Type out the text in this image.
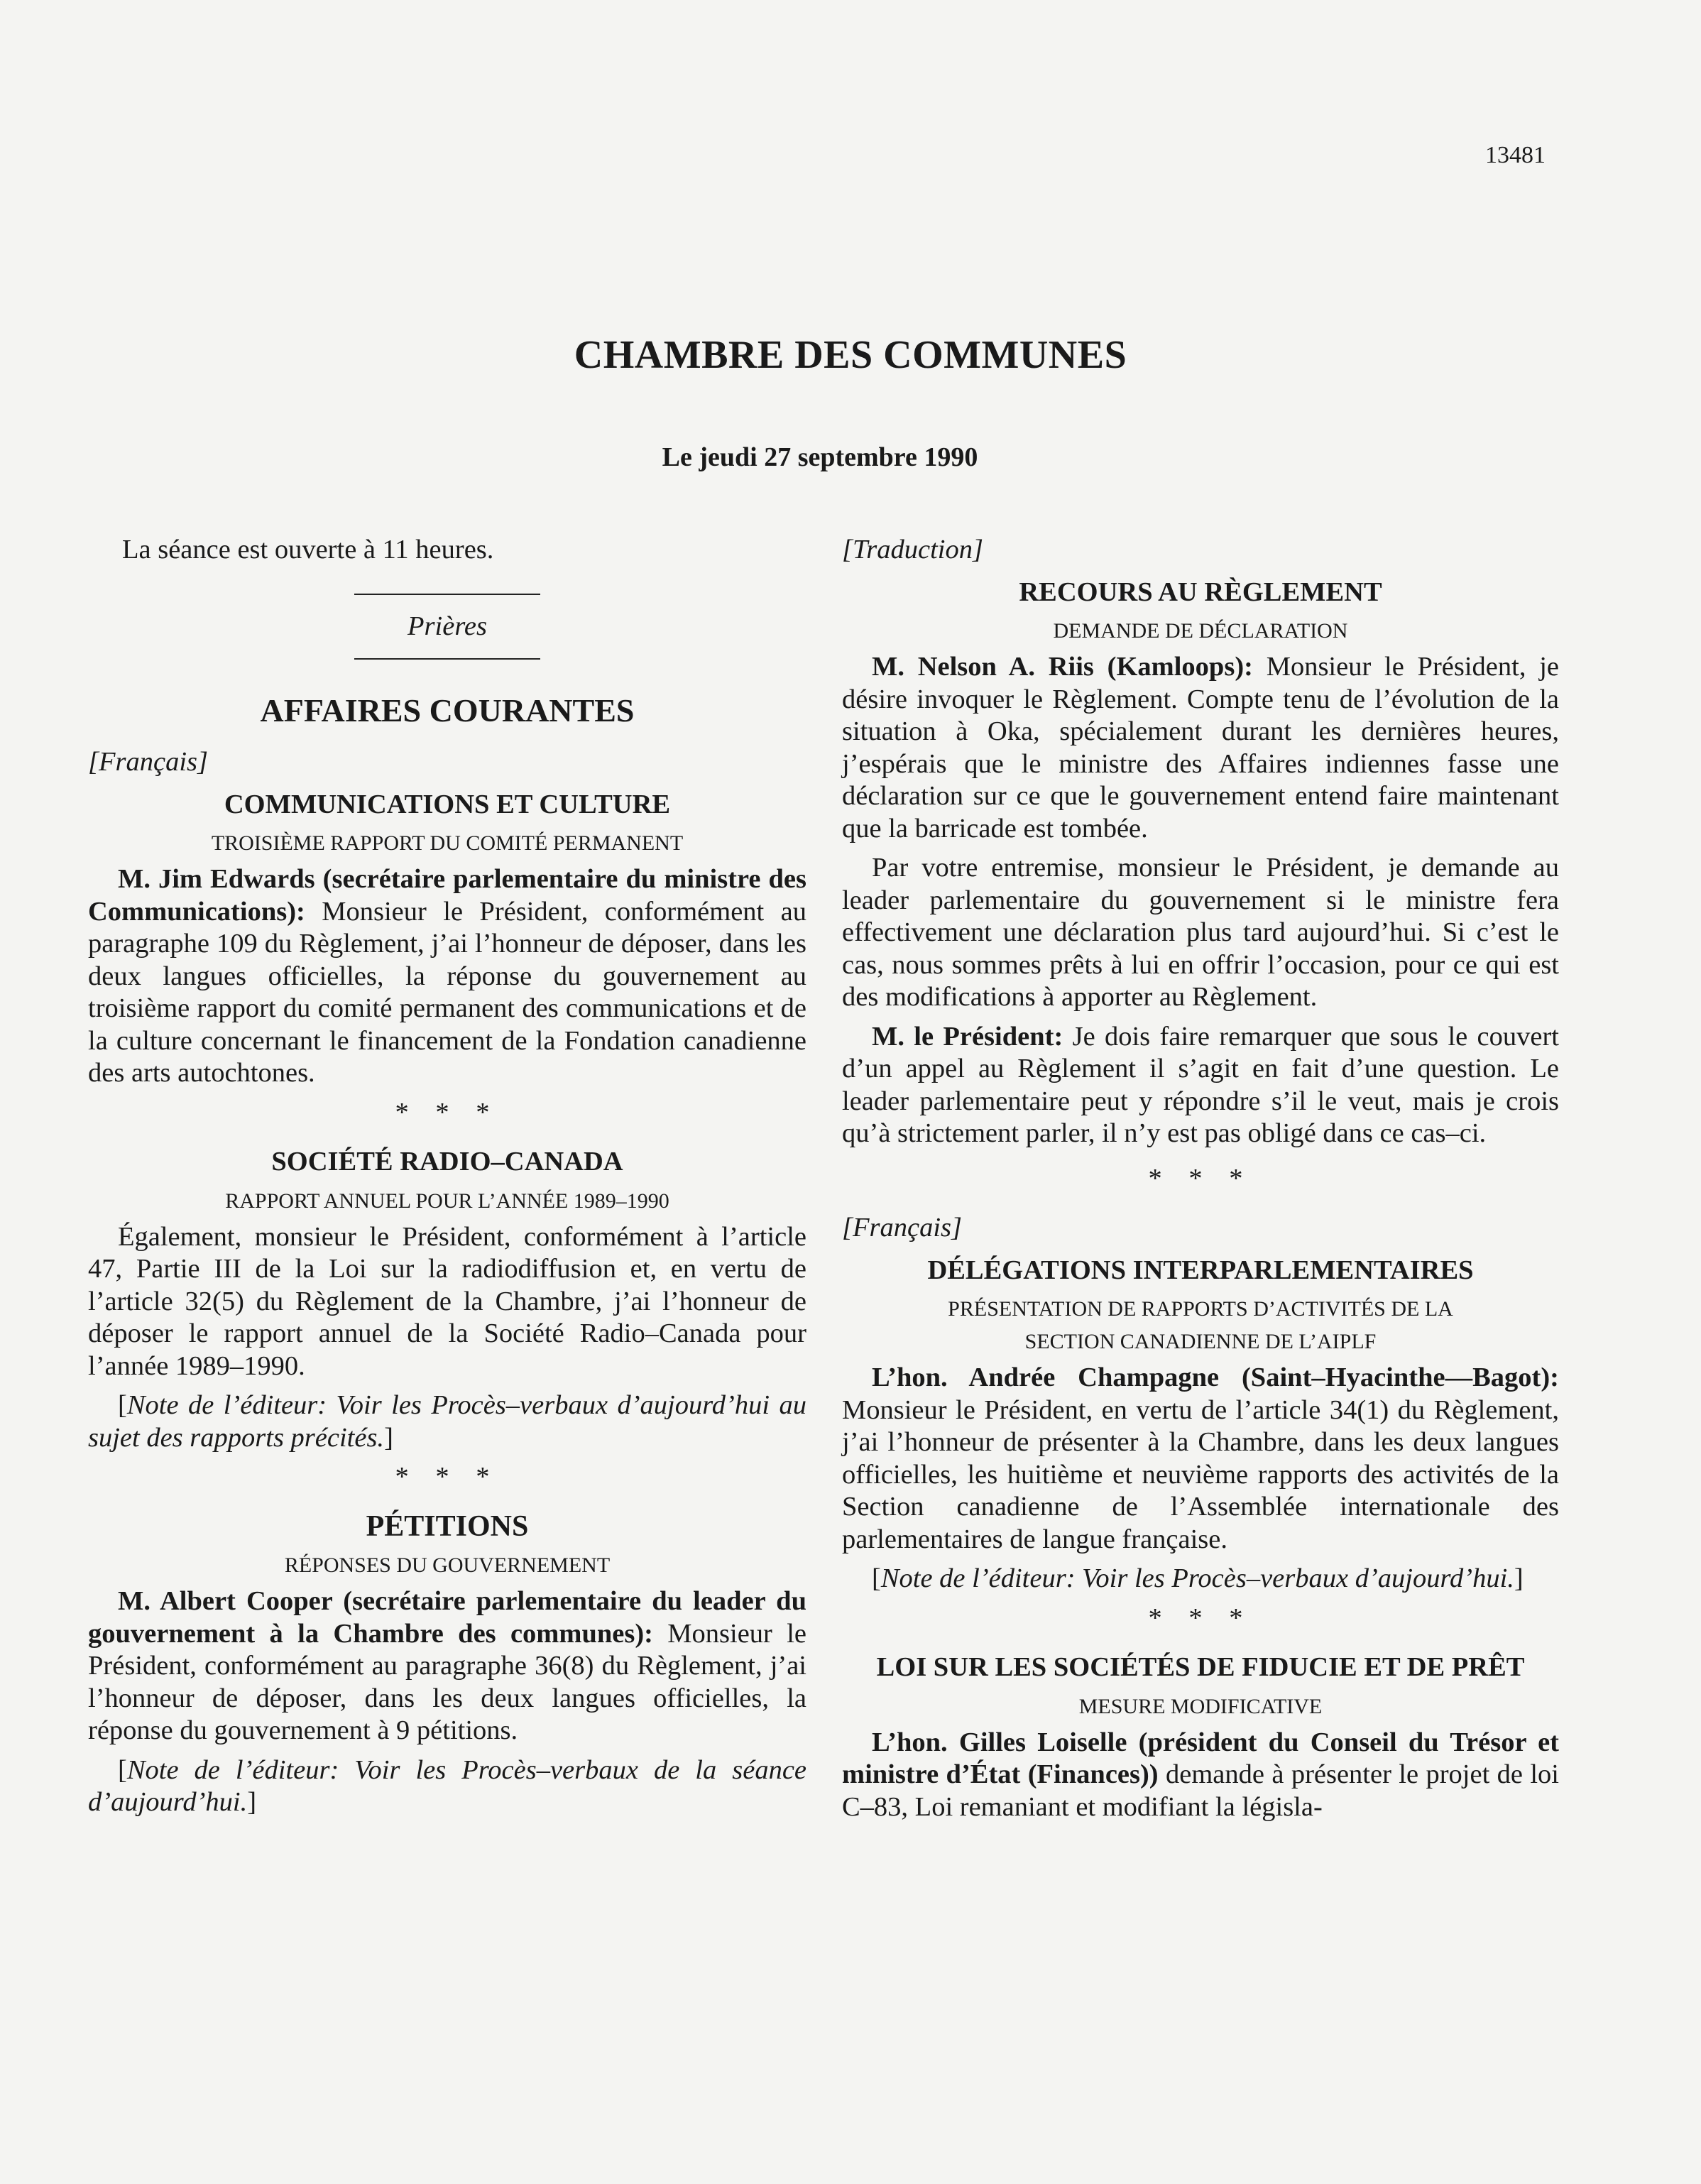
13481
CHAMBRE DES COMMUNES
Le jeudi 27 septembre 1990

La séance est ouverte à 11 heures.

Prières
AFFAIRES COURANTES
[Français]
COMMUNICATIONS ET CULTURE
TROISIÈME RAPPORT DU COMITÉ PERMANENT

M. Jim Edwards (secrétaire parlementaire du ministre des Communications): Monsieur le Président, conformément au paragraphe 109 du Règlement, j’ai l’honneur de déposer, dans les deux langues officielles, la réponse du gouvernement au troisième rapport du comité permanent des communications et de la culture concernant le financement de la Fondation canadienne des arts autochtones.

* * *
SOCIÉTÉ RADIO–CANADA
RAPPORT ANNUEL POUR L’ANNÉE 1989–1990

Également, monsieur le Président, conformément à l’article 47, Partie III de la Loi sur la radiodiffusion et, en vertu de l’article 32(5) du Règlement de la Chambre, j’ai l’honneur de déposer le rapport annuel de la Société Radio–Canada pour l’année 1989–1990.

[Note de l’éditeur: Voir les Procès–verbaux d’aujourd’hui au sujet des rapports précités.]

* * *
PÉTITIONS
RÉPONSES DU GOUVERNEMENT

M. Albert Cooper (secrétaire parlementaire du leader du gouvernement à la Chambre des communes): Monsieur le Président, conformément au paragraphe 36(8) du Règlement, j’ai l’honneur de déposer, dans les deux langues officielles, la réponse du gouvernement à 9 pétitions.

[Note de l’éditeur: Voir les Procès–verbaux de la séance d’aujourd’hui.]

[Traduction]
RECOURS AU RÈGLEMENT
DEMANDE DE DÉCLARATION

M. Nelson A. Riis (Kamloops): Monsieur le Président, je désire invoquer le Règlement. Compte tenu de l’évolution de la situation à Oka, spécialement durant les dernières heures, j’espérais que le ministre des Affaires indiennes fasse une déclaration sur ce que le gouvernement entend faire maintenant que la barricade est tombée.

Par votre entremise, monsieur le Président, je demande au leader parlementaire du gouvernement si le ministre fera effectivement une déclaration plus tard aujourd’hui. Si c’est le cas, nous sommes prêts à lui en offrir l’occasion, pour ce qui est des modifications à apporter au Règlement.

M. le Président: Je dois faire remarquer que sous le couvert d’un appel au Règlement il s’agit en fait d’une question. Le leader parlementaire peut y répondre s’il le veut, mais je crois qu’à strictement parler, il n’y est pas obligé dans ce cas–ci.

* * *
[Français]
DÉLÉGATIONS INTERPARLEMENTAIRES
PRÉSENTATION DE RAPPORTS D’ACTIVITÉS DE LA
SECTION CANADIENNE DE L’AIPLF

L’hon. Andrée Champagne (Saint–Hyacinthe—Bagot): Monsieur le Président, en vertu de l’article 34(1) du Règlement, j’ai l’honneur de présenter à la Chambre, dans les deux langues officielles, les huitième et neuvième rapports des activités de la Section canadienne de l’Assemblée internationale des parlementaires de langue française.

[Note de l’éditeur: Voir les Procès–verbaux d’aujourd’hui.]

* * *
LOI SUR LES SOCIÉTÉS DE FIDUCIE ET DE PRÊT
MESURE MODIFICATIVE

L’hon. Gilles Loiselle (président du Conseil du Trésor et ministre d’État (Finances)) demande à présenter le projet de loi C–83, Loi remaniant et modifiant la législa-
